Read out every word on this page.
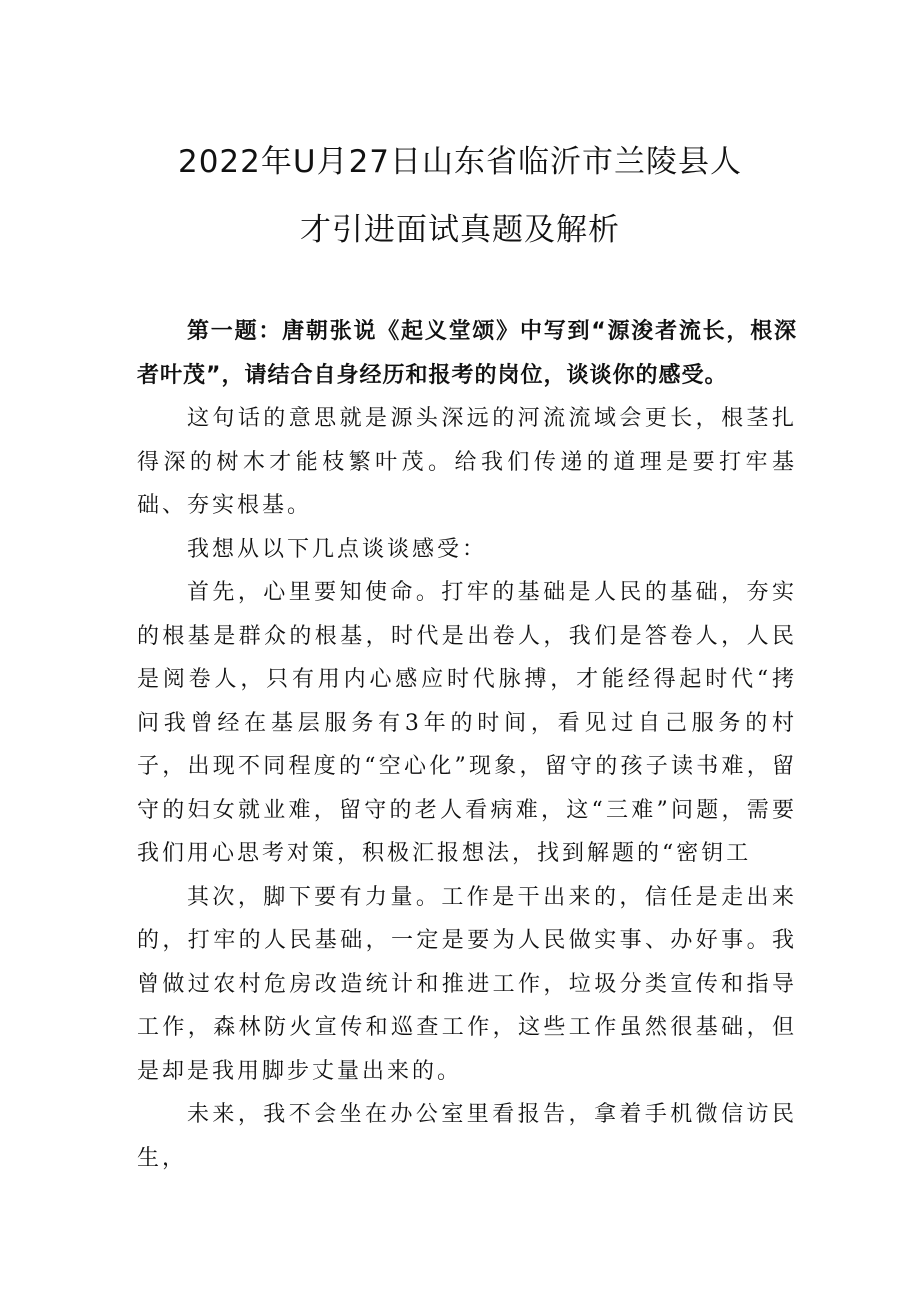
2022年U月27日山东省临沂市兰陵县人
才引进面试真题及解析

第一题：唐朝张说《起义堂颂》中写到“源浚者流长，根深者叶茂”，请结合自身经历和报考的岗位，谈谈你的感受。

这句话的意思就是源头深远的河流流域会更长，根茎扎得深的树木才能枝繁叶茂。给我们传递的道理是要打牢基础、夯实根基。

我想从以下几点谈谈感受：

首先，心里要知使命。打牢的基础是人民的基础，夯实的根基是群众的根基，时代是出卷人，我们是答卷人，人民是阅卷人，只有用内心感应时代脉搏，才能经得起时代“拷问我曾经在基层服务有3年的时间，看见过自己服务的村子，出现不同程度的“空心化”现象，留守的孩子读书难，留守的妇女就业难，留守的老人看病难，这“三难”问题，需要我们用心思考对策，积极汇报想法，找到解题的“密钥工

其次，脚下要有力量。工作是干出来的，信任是走出来的，打牢的人民基础，一定是要为人民做实事、办好事。我曾做过农村危房改造统计和推进工作，垃圾分类宣传和指导工作，森林防火宣传和巡查工作，这些工作虽然很基础，但是却是我用脚步丈量出来的。

未来，我不会坐在办公室里看报告，拿着手机微信访民生，
